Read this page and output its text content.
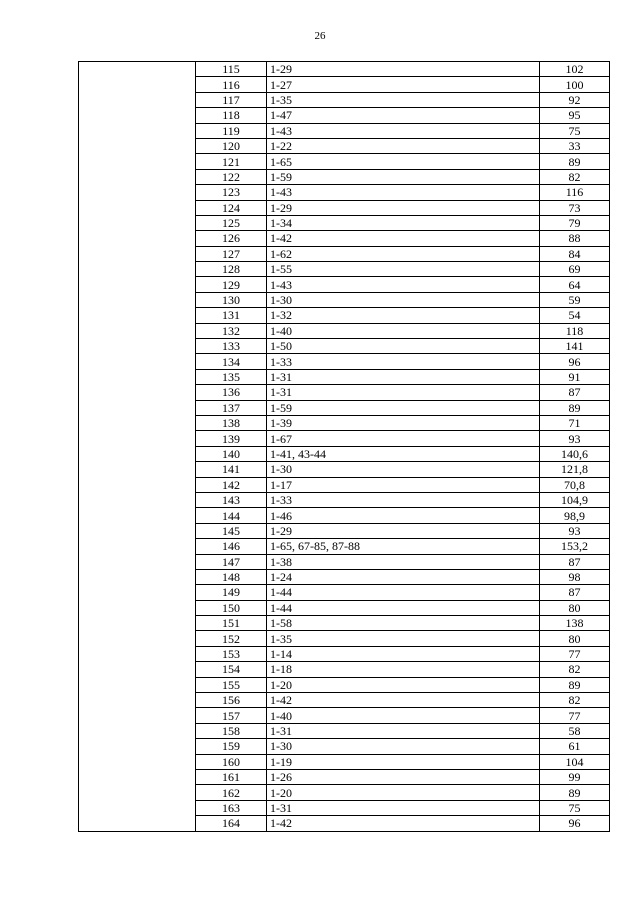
26
	115	1-29	102
	116	1-27	100
	117	1-35	92
	118	1-47	95
	119	1-43	75
	120	1-22	33
	121	1-65	89
	122	1-59	82
	123	1-43	116
	124	1-29	73
	125	1-34	79
	126	1-42	88
	127	1-62	84
	128	1-55	69
	129	1-43	64
	130	1-30	59
	131	1-32	54
	132	1-40	118
	133	1-50	141
	134	1-33	96
	135	1-31	91
	136	1-31	87
	137	1-59	89
	138	1-39	71
	139	1-67	93
	140	1-41, 43-44	140,6
	141	1-30	121,8
	142	1-17	70,8
	143	1-33	104,9
	144	1-46	98,9
	145	1-29	93
	146	1-65, 67-85, 87-88	153,2
	147	1-38	87
	148	1-24	98
	149	1-44	87
	150	1-44	80
	151	1-58	138
	152	1-35	80
	153	1-14	77
	154	1-18	82
	155	1-20	89
	156	1-42	82
	157	1-40	77
	158	1-31	58
	159	1-30	61
	160	1-19	104
	161	1-26	99
	162	1-20	89
	163	1-31	75
	164	1-42	96
